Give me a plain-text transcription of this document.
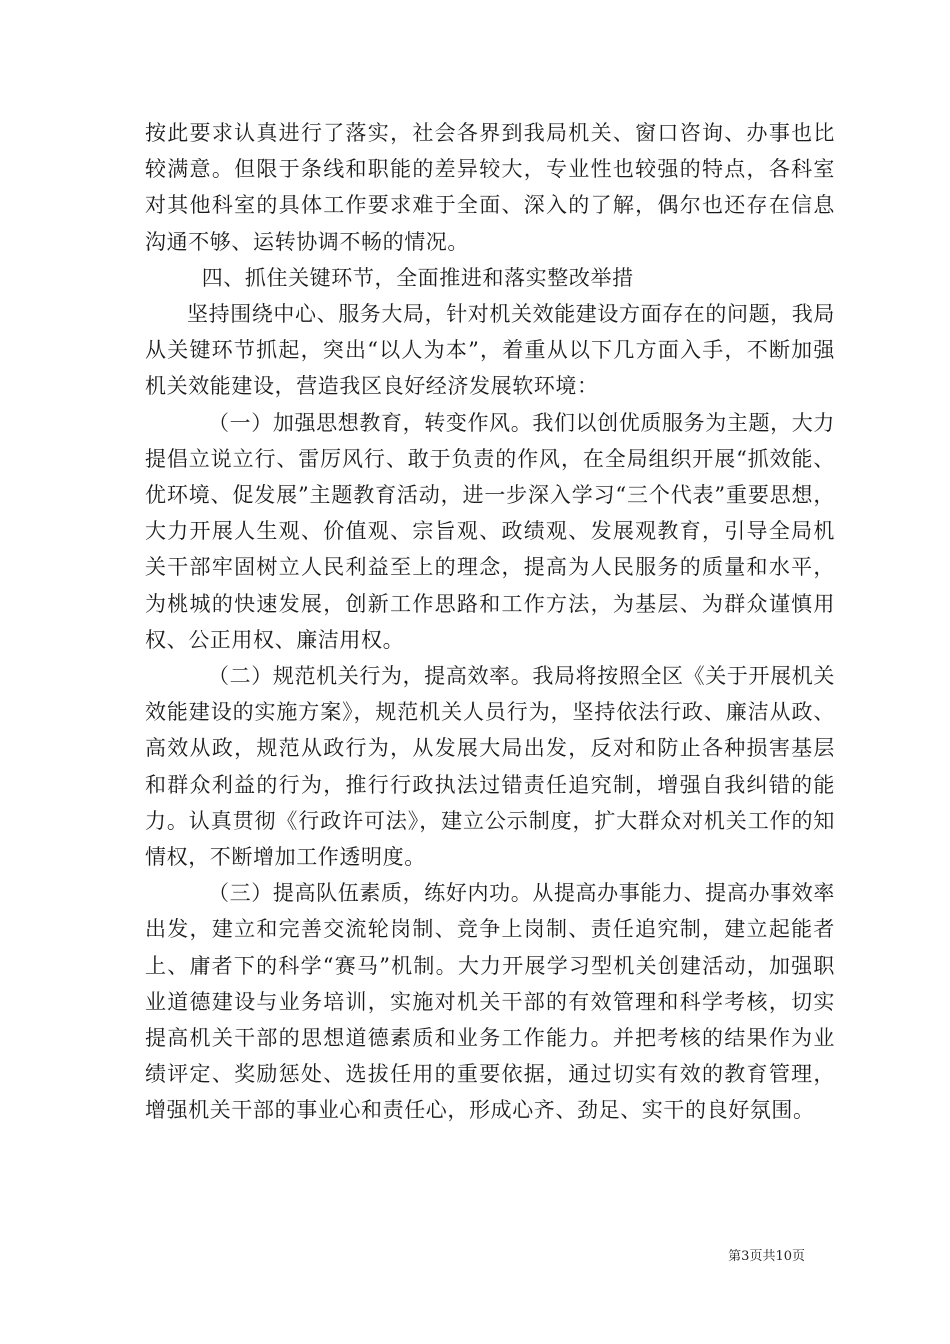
按此要求认真进行了落实，社会各界到我局机关、窗口咨询、办事也比较满意。但限于条线和职能的差异较大，专业性也较强的特点，各科室对其他科室的具体工作要求难于全面、深入的了解，偶尔也还存在信息沟通不够、运转协调不畅的情况。

四、抓住关键环节，全面推进和落实整改举措

坚持围绕中心、服务大局，针对机关效能建设方面存在的问题，我局从关键环节抓起，突出“以人为本”，着重从以下几方面入手，不断加强机关效能建设，营造我区良好经济发展软环境：

（一）加强思想教育，转变作风。我们以创优质服务为主题，大力提倡立说立行、雷厉风行、敢于负责的作风，在全局组织开展“抓效能、优环境、促发展”主题教育活动，进一步深入学习“三个代表”重要思想，大力开展人生观、价值观、宗旨观、政绩观、发展观教育，引导全局机关干部牢固树立人民利益至上的理念，提高为人民服务的质量和水平，为桃城的快速发展，创新工作思路和工作方法，为基层、为群众谨慎用权、公正用权、廉洁用权。

（二）规范机关行为，提高效率。我局将按照全区《关于开展机关效能建设的实施方案》，规范机关人员行为，坚持依法行政、廉洁从政、高效从政，规范从政行为，从发展大局出发，反对和防止各种损害基层和群众利益的行为，推行行政执法过错责任追究制，增强自我纠错的能力。认真贯彻《行政许可法》，建立公示制度，扩大群众对机关工作的知情权，不断增加工作透明度。

（三）提高队伍素质，练好内功。从提高办事能力、提高办事效率出发，建立和完善交流轮岗制、竞争上岗制、责任追究制，建立起能者上、庸者下的科学“赛马”机制。大力开展学习型机关创建活动，加强职业道德建设与业务培训，实施对机关干部的有效管理和科学考核，切实提高机关干部的思想道德素质和业务工作能力。并把考核的结果作为业绩评定、奖励惩处、选拔任用的重要依据，通过切实有效的教育管理，增强机关干部的事业心和责任心，形成心齐、劲足、实干的良好氛围。

第3页共10页
